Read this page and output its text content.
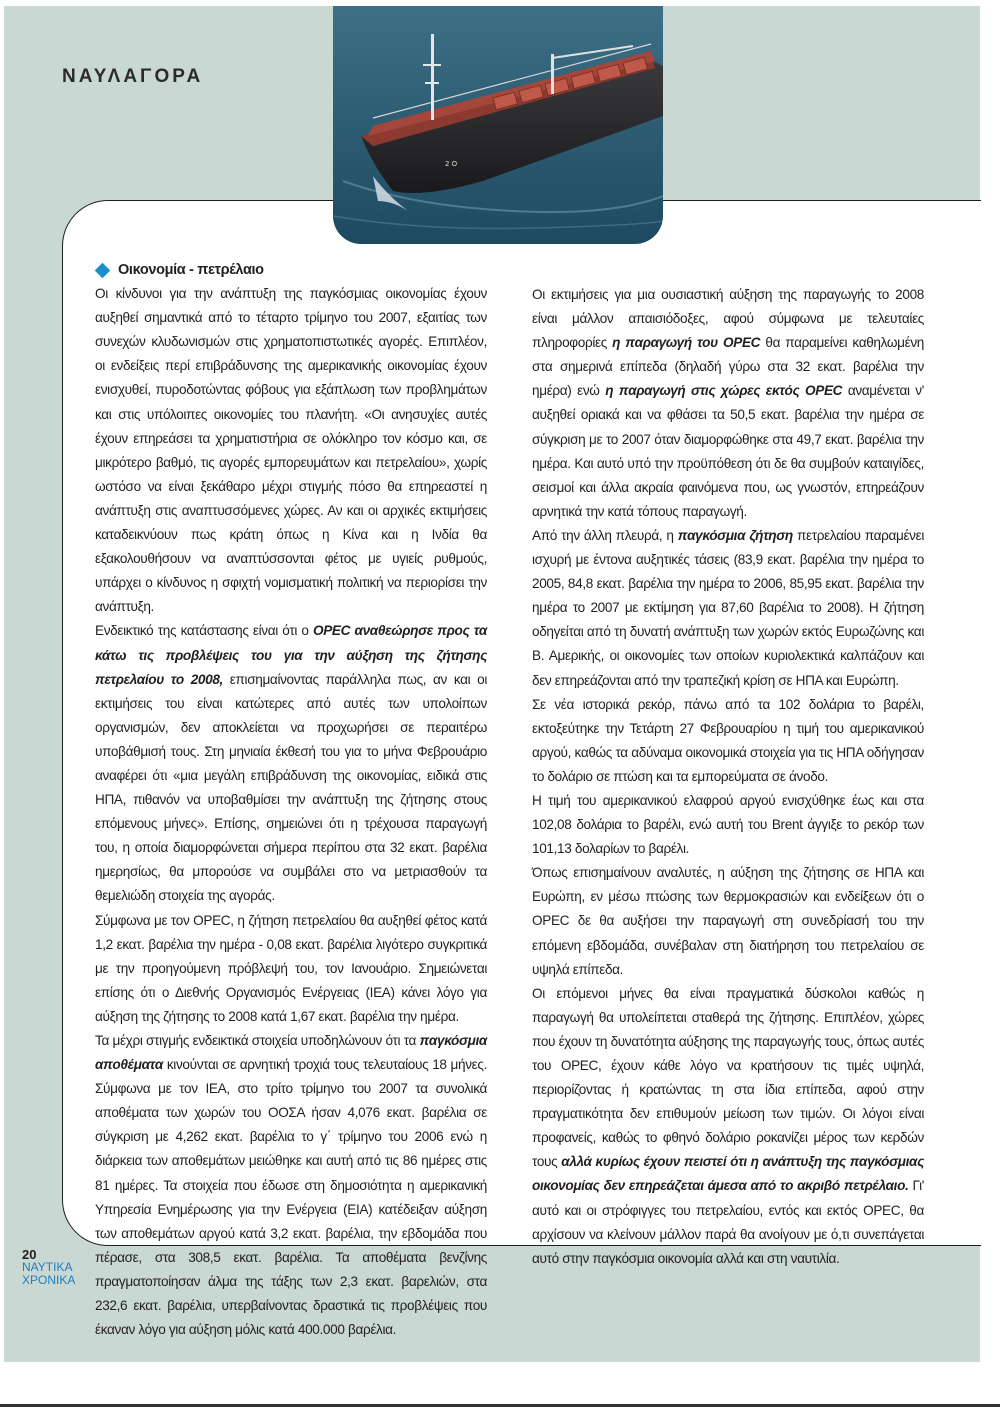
ΝΑΥΛΑΓΟΡΑ
2 Ο
Οικονομία - πετρέλαιο

Οι κίνδυνοι για την ανάπτυξη της παγκόσμιας οικονομίας έχουν αυξηθεί σημαντικά από το τέταρτο τρίμηνο του 2007, εξαιτίας των συνεχών κλυδωνισμών στις χρηματοπιστωτικές αγορές. Επιπλέον, οι ενδείξεις περί επιβράδυνσης της αμερικανικής οικονομίας έχουν ενισχυθεί, πυροδοτώντας φόβους για εξάπλωση των προβλημάτων και στις υπόλοιπες οικονομίες του πλανήτη. «Οι ανησυχίες αυτές έχουν επηρεάσει τα χρηματιστήρια σε ολόκληρο τον κόσμο και, σε μικρότερο βαθμό, τις αγορές εμπορευμάτων και πετρελαίου», χωρίς ωστόσο να είναι ξεκάθαρο μέχρι στιγμής πόσο θα επηρεαστεί η ανάπτυξη στις αναπτυσσόμενες χώρες. Αν και οι αρχικές εκτιμήσεις καταδεικνύουν πως κράτη όπως η Κίνα και η Ινδία θα εξακολουθήσουν να αναπτύσσονται φέτος με υγιείς ρυθμούς, υπάρχει ο κίνδυνος η σφιχτή νομισματική πολιτική να περιορίσει την ανάπτυξη.

Ενδεικτικό της κατάστασης είναι ότι ο OPEC αναθεώρησε προς τα κάτω τις προβλέψεις του για την αύξηση της ζήτησης πετρελαίου το 2008, επισημαίνοντας παράλληλα πως, αν και οι εκτιμήσεις του είναι κατώτερες από αυτές των υπολοίπων οργανισμών, δεν αποκλείεται να προχωρήσει σε περαιτέρω υποβάθμισή τους. Στη μηνιαία έκθεσή του για το μήνα Φεβρουάριο αναφέρει ότι «μια μεγάλη επιβράδυνση της οικονομίας, ειδικά στις ΗΠΑ, πιθανόν να υποβαθμίσει την ανάπτυξη της ζήτησης στους επόμενους μήνες». Επίσης, σημειώνει ότι η τρέχουσα παραγωγή του, η οποία διαμορφώνεται σήμερα περίπου στα 32 εκατ. βαρέλια ημερησίως, θα μπορούσε να συμβάλει στο να μετριασθούν τα θεμελιώδη στοιχεία της αγοράς.

Σύμφωνα με τον OPEC, η ζήτηση πετρελαίου θα αυξηθεί φέτος κατά 1,2 εκατ. βαρέλια την ημέρα - 0,08 εκατ. βαρέλια λιγότερο συγκριτικά με την προηγούμενη πρόβλεψή του, τον Ιανουάριο. Σημειώνεται επίσης ότι ο Διεθνής Οργανισμός Ενέργειας (ΙΕΑ) κάνει λόγο για αύξηση της ζήτησης το 2008 κατά 1,67 εκατ. βαρέλια την ημέρα.

Τα μέχρι στιγμής ενδεικτικά στοιχεία υποδηλώνουν ότι τα παγκόσμια αποθέματα κινούνται σε αρνητική τροχιά τους τελευταίους 18 μήνες. Σύμφωνα με τον ΙΕΑ, στο τρίτο τρίμηνο του 2007 τα συνολικά αποθέματα των χωρών του ΟΟΣΑ ήσαν 4,076 εκατ. βαρέλια σε σύγκριση με 4,262 εκατ. βαρέλια το γ΄ τρίμηνο του 2006 ενώ η διάρκεια των αποθεμάτων μειώθηκε και αυτή από τις 86 ημέρες στις 81 ημέρες. Τα στοιχεία που έδωσε στη δημοσιότητα η αμερικανική Υπηρεσία Ενημέρωσης για την Ενέργεια (ΕΙΑ) κατέδειξαν αύξηση των αποθεμάτων αργού κατά 3,2 εκατ. βαρέλια, την εβδομάδα που πέρασε, στα 308,5 εκατ. βαρέλια. Τα αποθέματα βενζίνης πραγματοποίησαν άλμα της τάξης των 2,3 εκατ. βαρελιών, στα 232,6 εκατ. βαρέλια, υπερβαίνοντας δραστικά τις προβλέψεις που έκαναν λόγο για αύξηση μόλις κατά 400.000 βαρέλια.

Οι εκτιμήσεις για μια ουσιαστική αύξηση της παραγωγής το 2008 είναι μάλλον απαισιόδοξες, αφού σύμφωνα με τελευταίες πληροφορίες η παραγωγή του OPEC θα παραμείνει καθηλωμένη στα σημερινά επίπεδα (δηλαδή γύρω στα 32 εκατ. βαρέλια την ημέρα) ενώ η παραγωγή στις χώρες εκτός OPEC αναμένεται ν' αυξηθεί οριακά και να φθάσει τα 50,5 εκατ. βαρέλια την ημέρα σε σύγκριση με το 2007 όταν διαμορφώθηκε στα 49,7 εκατ. βαρέλια την ημέρα. Και αυτό υπό την προϋπόθεση ότι δε θα συμβούν καταιγίδες, σεισμοί και άλλα ακραία φαινόμενα που, ως γνωστόν, επηρεάζουν αρνητικά την κατά τόπους παραγωγή.

Από την άλλη πλευρά, η παγκόσμια ζήτηση πετρελαίου παραμένει ισχυρή με έντονα αυξητικές τάσεις (83,9 εκατ. βαρέλια την ημέρα το 2005, 84,8 εκατ. βαρέλια την ημέρα το 2006, 85,95 εκατ. βαρέλια την ημέρα το 2007 με εκτίμηση για 87,60 βαρέλια το 2008). Η ζήτηση οδηγείται από τη δυνατή ανάπτυξη των χωρών εκτός Ευρωζώνης και Β. Αμερικής, οι οικονομίες των οποίων κυριολεκτικά καλπάζουν και δεν επηρεάζονται από την τραπεζική κρίση σε ΗΠΑ και Ευρώπη.

Σε νέα ιστορικά ρεκόρ, πάνω από τα 102 δολάρια το βαρέλι, εκτοξεύτηκε την Τετάρτη 27 Φεβρουαρίου η τιμή του αμερικανικού αργού, καθώς τα αδύναμα οικονομικά στοιχεία για τις ΗΠΑ οδήγησαν το δολάριο σε πτώση και τα εμπορεύματα σε άνοδο.

Η τιμή του αμερικανικού ελαφρού αργού ενισχύθηκε έως και στα 102,08 δολάρια το βαρέλι, ενώ αυτή του Brent άγγιξε το ρεκόρ των 101,13 δολαρίων το βαρέλι.

Όπως επισημαίνουν αναλυτές, η αύξηση της ζήτησης σε ΗΠΑ και Ευρώπη, εν μέσω πτώσης των θερμοκρασιών και ενδείξεων ότι ο OPEC δε θα αυξήσει την παραγωγή στη συνεδρίασή του την επόμενη εβδομάδα, συνέβαλαν στη διατήρηση του πετρελαίου σε υψηλά επίπεδα.

Οι επόμενοι μήνες θα είναι πραγματικά δύσκολοι καθώς η παραγωγή θα υπολείπεται σταθερά της ζήτησης. Επιπλέον, χώρες που έχουν τη δυνατότητα αύξησης της παραγωγής τους, όπως αυτές του OPEC, έχουν κάθε λόγο να κρατήσουν τις τιμές υψηλά, περιορίζοντας ή κρατώντας τη στα ίδια επίπεδα, αφού στην πραγματικότητα δεν επιθυμούν μείωση των τιμών. Οι λόγοι είναι προφανείς, καθώς το φθηνό δολάριο ροκανίζει μέρος των κερδών τους αλλά κυρίως έχουν πειστεί ότι η ανάπτυξη της παγκόσμιας οικονομίας δεν επηρεάζεται άμεσα από το ακριβό πετρέλαιο. Γι' αυτό και οι στρόφιγγες του πετρελαίου, εντός και εκτός OPEC, θα αρχίσουν να κλείνουν μάλλον παρά θα ανοίγουν με ό,τι συνεπάγεται αυτό στην παγκόσμια οικονομία αλλά και στη ναυτιλία.

20
ΝΑΥΤΙΚΑ
ΧΡΟΝΙΚΑ
